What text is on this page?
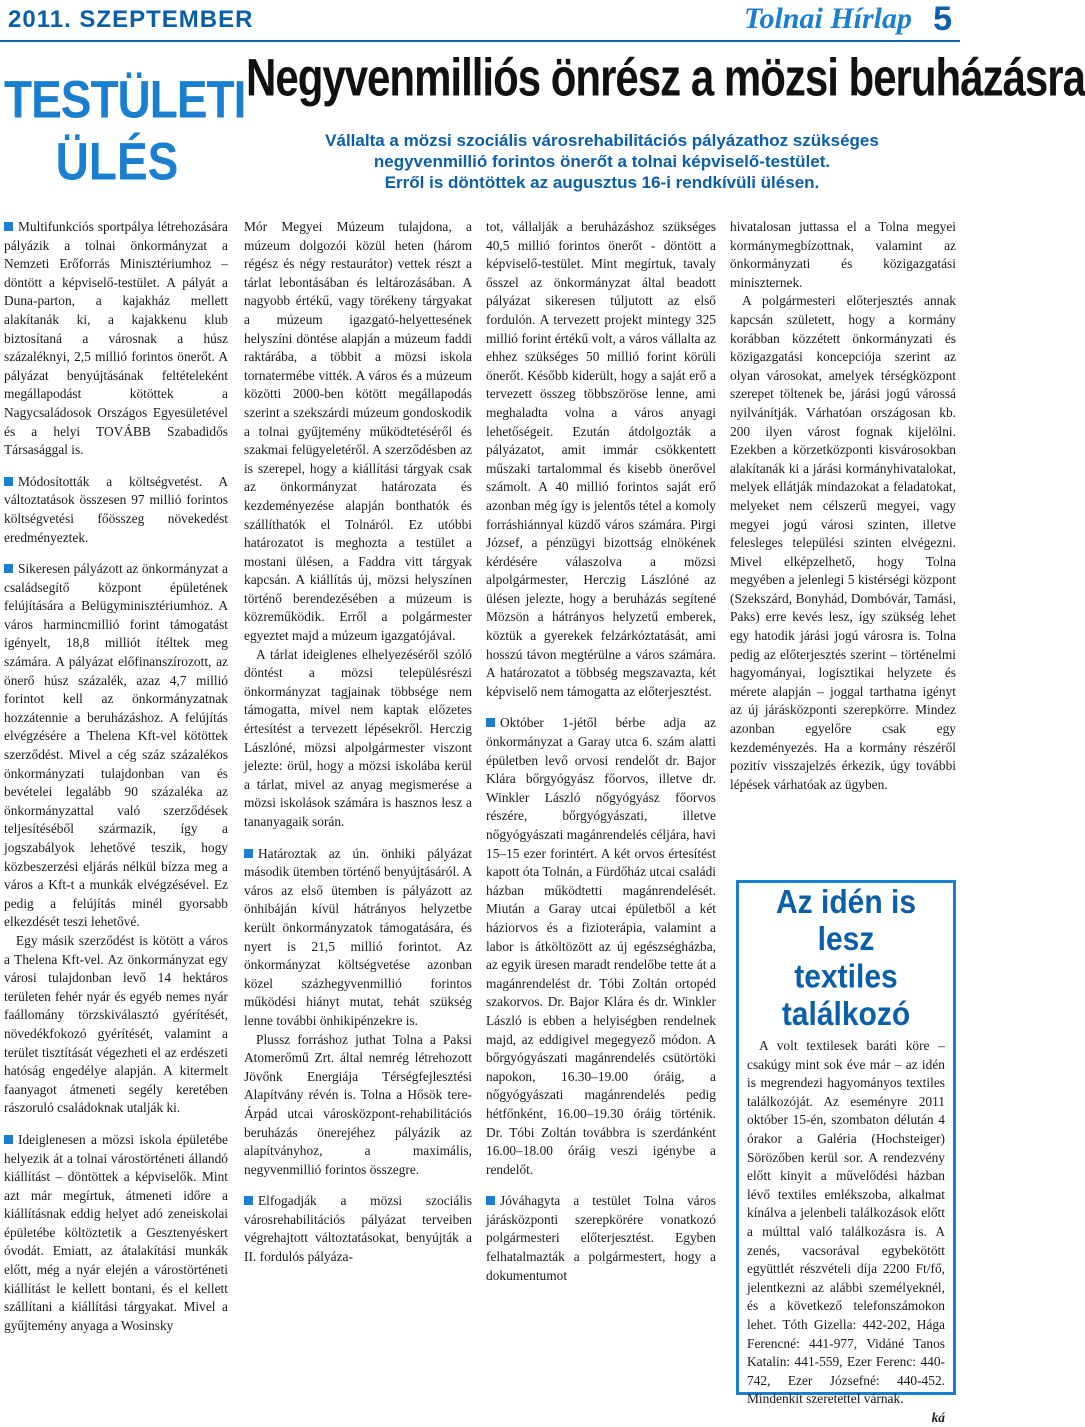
2011. SZEPTEMBER	Tolnai Hírlap 5
TESTÜLETI
ÜLÉS
Negyvenmilliós önrész a mözsi beruházásra
Vállalta a mözsi szociális városrehabilitációs pályázathoz szükséges
negyvenmillió forintos önerőt a tolnai képviselő-testület.
Erről is döntöttek az augusztus 16-i rendkívüli ülésen.

Multifunkciós sportpálya létrehozására pályázik a tolnai önkormányzat a Nemzeti Erőforrás Minisztériumhoz – döntött a képviselő-testület. A pályát a Duna-parton, a kajakház mellett alakítanák ki, a kajakkenu klub biztosítaná a városnak a húsz százaléknyi, 2,5 millió forintos önerőt. A pályázat benyújtásának feltételeként megállapodást kötöttek a Nagycsaládosok Országos Egyesületével és a helyi TOVÁBB Szabadidős Társasággal is.

Módosították a költségvetést. A változtatások összesen 97 millió forintos költségvetési főösszeg növekedést eredményeztek.

Sikeresen pályázott az önkormányzat a családsegítő központ épületének felújítására a Belügyminisztériumhoz. A város harmincmillió forint támogatást igényelt, 18,8 milliót ítéltek meg számára. A pályázat előfinanszírozott, az önerő húsz százalék, azaz 4,7 millió forintot kell az önkormányzatnak hozzátennie a beruházáshoz. A felújítás elvégzésére a Thelena Kft-vel kötöttek szerződést. Mivel a cég száz százalékos önkormányzati tulajdonban van és bevételei legalább 90 százaléka az önkormányzattal való szerződések teljesítéséből származik, így a jogszabályok lehetővé teszik, hogy közbeszerzési eljárás nélkül bízza meg a város a Kft-t a munkák elvégzésével. Ez pedig a felújítás minél gyorsabb elkezdését teszi lehetővé.

Egy másik szerződést is kötött a város a Thelena Kft-vel. Az önkormányzat egy városi tulajdonban levő 14 hektáros területen fehér nyár és egyéb nemes nyár faállomány törzskiválasztó gyérítését, növedékfokozó gyérítését, valamint a terület tisztítását végezheti el az erdészeti hatóság engedélye alapján. A kitermelt faanyagot átmeneti segély keretében rászoruló családoknak utalják ki.

Ideiglenesen a mözsi iskola épületébe helyezik át a tolnai várostörténeti állandó kiállítást – döntöttek a képviselők. Mint azt már megírtuk, átmeneti időre a kiállításnak eddig helyet adó zeneiskolai épületébe költöztetik a Gesztenyéskert óvodát. Emiatt, az átalakítási munkák előtt, még a nyár elején a várostörténeti kiállítást le kellett bontani, és el kellett szállítani a kiállítási tárgyakat. Mivel a gyűjtemény anyaga a Wosinsky

Mór Megyei Múzeum tulajdona, a múzeum dolgozói közül heten (három régész és négy restaurátor) vettek részt a tárlat lebontásában és leltározásában. A nagyobb értékű, vagy törékeny tárgyakat a múzeum igazgató-helyettesének helyszíni döntése alapján a múzeum faddi raktárába, a többit a mözsi iskola tornatermébe vitték. A város és a múzeum közötti 2000-ben kötött megállapodás szerint a szekszárdi múzeum gondoskodik a tolnai gyűjtemény működtetéséről és szakmai felügyeletéről. A szerződésben az is szerepel, hogy a kiállítási tárgyak csak az önkormányzat határozata és kezdeményezése alapján bonthatók és szállíthatók el Tolnáról. Ez utóbbi határozatot is meghozta a testület a mostani ülésen, a Faddra vitt tárgyak kapcsán. A kiállítás új, mözsi helyszínen történő berendezésében a múzeum is közreműködik. Erről a polgármester egyeztet majd a múzeum igazgatójával.

A tárlat ideiglenes elhelyezéséről szóló döntést a mözsi településrészi önkormányzat tagjainak többsége nem támogatta, mivel nem kaptak előzetes értesítést a tervezett lépésekről. Herczig Lászlóné, mözsi alpolgármester viszont jelezte: örül, hogy a mözsi iskolába kerül a tárlat, mivel az anyag megismerése a mözsi iskolások számára is hasznos lesz a tananyagaik során.

Határoztak az ún. önhiki pályázat második ütemben történő benyújtásáról. A város az első ütemben is pályázott az önhibáján kívül hátrányos helyzetbe került önkormányzatok támogatására, és nyert is 21,5 millió forintot. Az önkormányzat költségvetése azonban közel százhegyvenmillió forintos működési hiányt mutat, tehát szükség lenne további önhikipénzekre is.

Plussz forráshoz juthat Tolna a Paksi Atomerőmű Zrt. által nemrég létrehozott Jövőnk Energiája Térségfejlesztési Alapítvány révén is. Tolna a Hősök tere-Árpád utcai városközpont-rehabilitációs beruházás önerejéhez pályázik az alapítványhoz, a maximális, negyvenmillió forintos összegre.

Elfogadják a mözsi szociális városrehabilitációs pályázat terveiben végrehajtott változtatásokat, benyújták a II. fordulós pályáza-

tot, vállalják a beruházáshoz szükséges 40,5 millió forintos önerőt - döntött a képviselő-testület. Mint megírtuk, tavaly ősszel az önkormányzat által beadott pályázat sikeresen túljutott az első fordulón. A tervezett projekt mintegy 325 millió forint értékű volt, a város vállalta az ehhez szükséges 50 millió forint körüli önerőt. Később kiderült, hogy a saját erő a tervezett összeg többszöröse lenne, ami meghaladta volna a város anyagi lehetőségeit. Ezután átdolgozták a pályázatot, amit immár csökkentett műszaki tartalommal és kisebb önerővel számolt. A 40 millió forintos saját erő azonban még így is jelentős tétel a komoly forráshiánnyal küzdő város számára. Pirgi József, a pénzügyi bizottság elnökének kérdésére válaszolva a mözsi alpolgármester, Herczig Lászlóné az ülésen jelezte, hogy a beruházás segítené Mözsön a hátrányos helyzetű emberek, köztük a gyerekek felzárkóztatását, ami hosszú távon megtérülne a város számára. A határozatot a többség megszavazta, két képviselő nem támogatta az előterjesztést.

Október 1-jétől bérbe adja az önkormányzat a Garay utca 6. szám alatti épületben levő orvosi rendelőt dr. Bajor Klára bőrgyógyász főorvos, illetve dr. Winkler László nőgyógyász főorvos részére, bőrgyógyászati, illetve nőgyógyászati magánrendelés céljára, havi 15–15 ezer forintért. A két orvos értesítést kapott óta Tolnán, a Fürdőház utcai családi házban működtetti magánrendelését. Miután a Garay utcai épületből a két háziorvos és a fizioterápia, valamint a labor is átköltözött az új egészségházba, az egyik üresen maradt rendelőbe tette át a magánrendelést dr. Tóbi Zoltán ortopéd szakorvos. Dr. Bajor Klára és dr. Winkler László is ebben a helyiségben rendelnek majd, az eddigivel megegyező módon. A bőrgyógyászati magánrendelés csütörtöki napokon, 16.30–19.00 óráig, a nőgyógyászati magánrendelés pedig hétfőnként, 16.00–19.30 óráig történik. Dr. Tóbi Zoltán továbbra is szerdánként 16.00–18.00 óráig veszi igénybe a rendelőt.

Jóváhagyta a testület Tolna város járásközponti szerepkörére vonatkozó polgármesteri előterjesztést. Egyben felhatalmazták a polgármestert, hogy a dokumentumot

hivatalosan juttassa el a Tolna megyei kormánymegbízottnak, valamint az önkormányzati és közigazgatási miniszternek.

A polgármesteri előterjesztés annak kapcsán született, hogy a kormány korábban közzétett önkormányzati és közigazgatási koncepciója szerint az olyan városokat, amelyek térségközpont szerepet töltenek be, járási jogú várossá nyilvánítják. Várhatóan országosan kb. 200 ilyen várost fognak kijelölni. Ezekben a körzetközponti kisvárosokban alakítanák ki a járási kormányhivatalokat, melyek ellátják mindazokat a feladatokat, melyeket nem célszerű megyei, vagy megyei jogú városi szinten, illetve felesleges települési szinten elvégezni. Mivel elképzelhető, hogy Tolna megyében a jelenlegi 5 kistérségi központ (Szekszárd, Bonyhád, Dombóvár, Tamási, Paks) erre kevés lesz, így szükség lehet egy hatodik járási jogú városra is. Tolna pedig az előterjesztés szerint – történelmi hagyományai, logisztikai helyzete és mérete alapján – joggal tarthatna igényt az új járásközponti szerepkörre. Mindez azonban egyelőre csak egy kezdeményezés. Ha a kormány részéről pozitív visszajelzés érkezik, úgy további lépések várhatóak az ügyben.

Az idén is lesz
textiles találkozó

A volt textilesek baráti köre – csakúgy mint sok éve már – az idén is megrendezi hagyományos textiles találkozóját. Az eseményre 2011 október 15-én, szombaton délután 4 órakor a Galéria (Hochsteiger) Sörözőben kerül sor. A rendezvény előtt kinyit a művelődési házban lévő textiles emlékszoba, alkalmat kínálva a jelenbeli találkozások előtt a múlttal való találkozásra is. A zenés, vacsorával egybekötött együttlét részvételi díja 2200 Ft/fő, jelentkezni az alábbi személyeknél, és a következő telefonszámokon lehet. Tóth Gizella: 442-202, Hága Ferencné: 441-977, Vidáné Tanos Katalin: 441-559, Ezer Ferenc: 440-742, Ezer Józsefné: 440-452. Mindenkit szeretettel várnak.

ká
